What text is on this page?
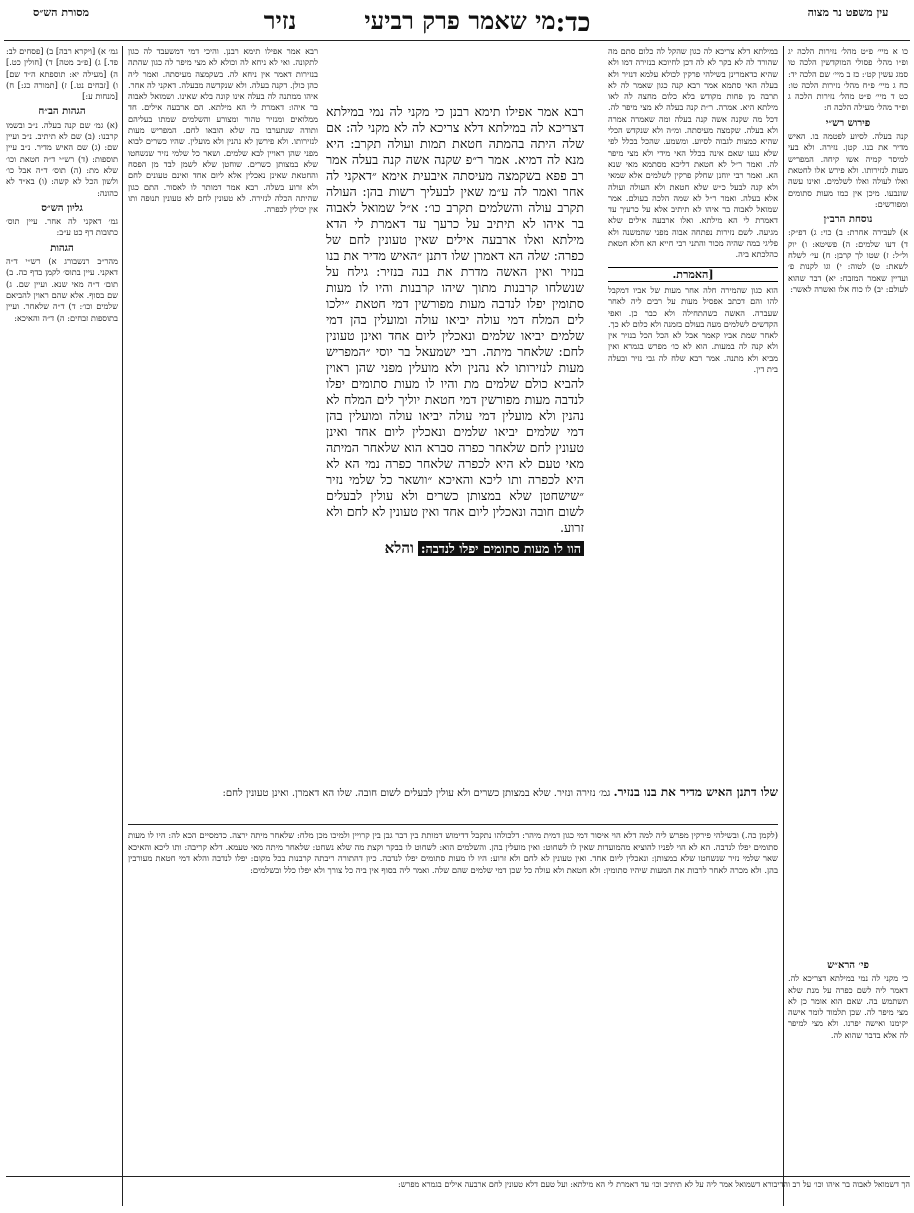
עין משפט נר מצוה
כד:
מי שאמר פרק רביעי
נזיר
מסורת הש״ס

כו א מיי׳ פ״ט מהל׳ נזירות הלכה יג ופ״ו מהל׳ פסולי המוקדשין הלכה טו סמג עשין קט׳: כז ב מיי׳ שם הלכה יד: כח ג מיי׳ פ״ח מהל׳ נזירות הלכה טו: כט ד מיי׳ פ״ט מהל׳ נזירות הלכה ג ופ״ד מהל׳ מעילה הלכה ח:

פירוש רש״י

קנה בעלה. לסיוע לפטמה בו. האיש מדיר את בנו. קטן. נזירה. ולא בעי למיסר קמיה אשו קיחה. המפריש מעות לנזירותו. ולא פירש אלו לחטאת ואלו לעולה ואלו לשלמים. ואינו עשה שונבעו. מיכן אין כמו מעות סתומים ומפורשים:

נוסחת הרב״ן

א) לעבירה אחרת: ב) כוי: ג) דפ״ק: ד) דעו שלמים: ה) פשיטא: ו) יוק ול״ל: ז) שטו לך קרבן: ח) עי׳ לשלח לשאת: ט) לטוה: י) וגו לקנות פ׳ ועדיין שאמר המזבח: יא) דבר שהוא לעולם: יב) לו כוח אלו ואשרה לאשר:

במילתא דלא צריכא לה כגון שהקל לה כלום סתם מה שהורד לה לא בקר לא לה דכן לחיוכא בנזירה דמו ולא שהיא כדאמרינן בשילהי פרקין לכולא עלמא דנזיר ולא בעלה האי סתמא אמר רבא קנה כגון שאמר לה לא תרבה מן פחות מקודש בלא כלום מחצה לה לאו מילתא היא. אמרה. ר״ת קנה בעלה לא מצי מיפר לה. דכל מה שקנה אשה קנה בעלה ומה שאמרה אמרה ולא בעלה. שקמצה מעיסתה. ומ״ה ולא שנקדש הכלי שהיא כמצות לגבוה לסיוע. ומשמע. שהכל בכלל לפי שלא נגעו שאם אינה בכלל האי מידי ולא מצי מיפר לה. ואמר ר״ל לא חטאת דליכא מסתמא מאי שנא הא. ואמר רבי יוחנן שחלק פרקין לשלמים אלא שמאי ולא קנה לבעל כ״ש שלא חטאת ולא העולה ועולה אלא בעלה. ואמר ר״ל לא שמה הלכה בעולם. אמר שמואל לאבוה בר איהו לא תיתיב אלא על כרעיך עד דאמרת לי הא מילתא. ואלו ארבעה אילים שלא מגיעה. לשם נזירות נפתחה אבוה מפני שהמשנה ולא פליגי במה שהיה מכור והתני רבי חייא הא חלא חטאת כהלכתא ביה.

[האמרת.

הוא כגון שהמירה חלה אחר מעות של אביו דמקבל להו והם דכתב אפסיל מעות על רבים ליה לאחר שעברה. האשה כשהתחילה ולא כבר כן. ואפי הקדשים לשלמים מעה בעולם בזמנה ולא כלום לא כך. לאחר שמת אביו קאמר אבל לא הכל הכל בנזיר אין ולא קנה לה במעות. הוא לא כו׳ מפרש בגמרא ואין מביא ולא מתנה. אמר רבא שלח לה גבי נזיר ובעלה בית דין.

רבא אמר אפילו תימא רבנן כי מקני לה נמי במילתא דצריכא לה במילתא דלא צריכא לה לא מקני לה: אם שלה היתה בהמתה חטאת תמות ועולה תקרב: היא מנא לה דמיא. אמר ר״פ שקנה אשה קנה בעלה אמר רב פפא בשקמצה מעיסתה איבעית אימא ״דאקני לה אחר ואמר לה ע״מ שאין לבעליך רשות בהן: העולה תקרב עולה והשלמים תקרב כו׳: א״ל שמואל לאבוה בר איהו לא תיתיב על כרעך עד דאמרת לי הדא מילתא ואלו ארבעה אילים שאין טעונין לחם של כפרה: שלה הא דאמרן שלו דתנן ״האיש מדיר את בנו בנזיר ואין האשה מדרת את בנה בנזיר: גילח על שנשלחו קרבנות מתוך שיהו קרבנות והיו לו מעות סתומין יפלו לנדבה מעות מפורשין דמי חטאת ״ילכו לים המלח דמי עולה יביאו עולה ומועלין בהן דמי שלמים יביאו שלמים ונאכלין ליום אחד ואינן טעונין לחם: שלאחר מיתה. רבי ישמעאל בר יוסי ״המפריש מעות לנזירותו לא נהנין ולא מועלין מפני שהן ראוין להביא כולם שלמים מת והיו לו מעות סתומים יפלו לנדבה מעות מפורשין דמי חטאת יוליך לים המלח לא נהנין ולא מועלין דמי עולה יביאו עולה ומועלין בהן דמי שלמים יביאו שלמים ונאכלין ליום אחד ואינן טעונין לחם שלאחר כפרה סברא הוא שלאחר המיתה מאי טעם לא היא לכפרה שלאחר כפרה נמי הא לא היא לכפרה ותו ליכא והאיכא ״וושאר כל שלמי נזיר ״שישחטן שלא במצותן כשרים ולא עולין לבעלים לשום חובה ונאכלין ליום אחד ואין טעונין לא לחם ולא זרוע.

הוו לו מעות סתומים יפלו לנדבה: והלא

רבא אמר אפילו תימא רבנן. והיכי דמי דמשעבד לה כגון לתקונה. ואי לא ניחא לה וכולא לא מצי מיפר לה כגון שהתה בנזירות דאמר אין ניחא לה. בשקמצה מעיסתה. ואמר ליה כהן כולן. דקנה בעלה. ולא שנקדשה מבעלה. דאקני לה אחר. איהו ממתנה לה בעלה אינו קונה בלא שאינו. ושמואל לאבוה בר איהו: דאמרת לי הא מילתא. הם ארבעה אילים. חד ממלואים ומנזיר טהור ומצורע והשלמים שמתו בעליהם ותודה שנתערבו בה שלא הובאו לחם. המפריש מעות לנזירותו. ולא פירשן לא נהנין ולא מועלין. שהיו כשרים לבוא מפני שהן ראויין לבא שלמים. ושאר כל שלמי נזיר שנשחטו שלא במצותן כשרים. שוחטן שלא לשמן לבד מן הפסח והחטאת שאינן נאכלין אלא ליום אחד ואינם טעונים לחם ולא זרוע בשלה. רבא אמר דמותר לו לאסור. התם כגון שהיתה הכלה לנזירה. לא טעונין לחם לא טעונין תנופה ותו אין יכולין לכפרה.

גמ׳ א) [ויקרא רבה] ב) [פסחים לב: פד.] ג) [פ״ב מטה] ד) [חולין כט.] ה) [מעילה יא: תוספתא ה״ד שם] ו) [זבחים נט.] ז) [תמורה כג:] ח) [מנחות ע:]

הגהות הב״ח

(א) גמ׳ שם קנה בעלה. נ״ב ובשמו קרבנו: (ב) שם לא תיתיב. נ״ב ועיין שם: (ג) שם האיש מדיר. נ״ב עיין תוספות: (ד) רש״י ד״ה חטאת וכו׳ שלא מת: (ה) תוס׳ ד״ה אבל כו׳ ולשון הכל לא קשה: (ו) בא״ד לא כהונה:

גליון הש״ס

גמ׳ דאקני לה אחר. עיין תוס׳ כתובות דף כט ע״ב:

הגהות

מהר״ב רנשבורג א) רש״י ד״ה דאקני. עיין בתוס׳ לקמן בדף כה. ב) תום׳ ד״ה מאי שנא. ועיין שם. ג) שם בסוף. אלא שהם ראוין להביאם שלמים וכו׳: ד) ד״ה שלאחר. ועיין בתוספות זבחים: ה) ד״ה והאיכא:

שלו דתנן האיש מדיר את בנו בנזיר. גמ׳ נזירה ונזיר. שלא במצותן כשרים ולא עולין לבעלים לשום חובה. שלו הא דאמרן. ואינן טעונין לחם:

(לקמן כה.) ובשילהי פירקין מפרש ליה למה דלא הוי איסור דמי כגון דמית מיהר: דלכולהו נתקבל דדימוש דמותת בין דבר גבן בין קרויין ולמיכו מכן מלח: שלאחר מיתה ירצה. כדמסיים הכא לה: היו לו מעות סתומים יפלו לנדבה. הא לא הוי לפניו להוציא מהמועדות שאין לו לשחוט: ואין מועלין בהן. והשלמים הוא: לשחוט לו בבקר וקצת מה שלא נשחט: שלאחר מיתה מאי טעמא. דלא קריבה: ותו ליכא והאיכא שאר שלמי נזיר שנשחטו שלא במצותן: ונאכלין ליום אחד. ואין טעונין לא לחם ולא זרוע: היו לו מעות סתומים יפלו לנדבה. כיון דהתורה ריבתה קרבנות בכל מקום: יפלו לנדבה והלא דמי חטאת מעורבין בהן. ולא מכרה לאחר לרבות את המעות שיהיו סתומין: ולא חטאת ולא עולה כל שכן דמי שלמים שהם שלה. ואמר ליה בסוף אין ביה כל צורך ולא יפלו כלל ובשלמים:

פי׳ הרא״ש

כי מקני לה נמי במילתא דצריכא לה. דאמר ליה לשם כפרה על מנת שלא תשתמש בה. שאם הוא אומר כן לא מצי מיפר לה. שכן תלמוד לומר אישה יקימנו ואישה יפרנו. ולא מצי למיפר לה אלא בדבר שהוא לה.

הך דשמואל לאבוה בר איהו וכו׳ על רב והדיבורא דשמואל אמר ליה על לא תיתיב וכו׳ עד דאמרת לי הא מילתא: ועל טעם דלא טעונין לחם ארבעה אילים בגמרא מפרש:
